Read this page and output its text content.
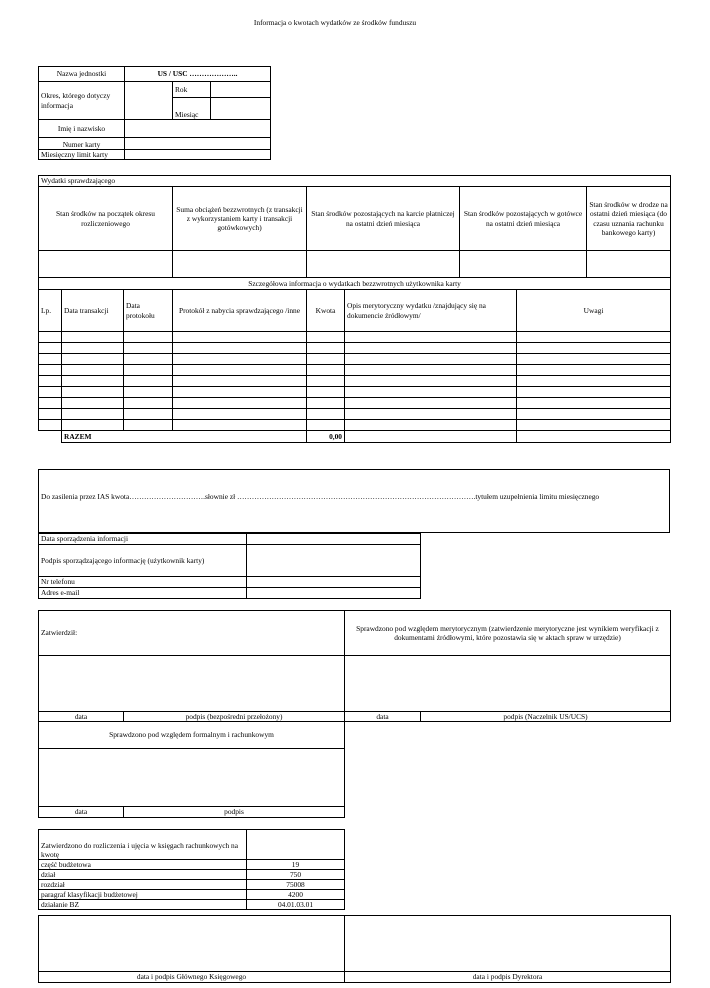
Informacja o kwotach wydatków ze środków funduszu
Nazwa jednostki	US / USC ………………..		
Okres, którego dotyczy informacja		Rok	
		Miesiąc	
Imię i nazwisko			
Numer karty			
Miesięczny limit karty			
Wydatki sprawdzającego				
Stan środków na początek okresu rozliczeniowego	Suma obciążeń bezzwrotnych (z transakcji z wykorzystaniem karty i transakcji gotówkowych)	Stan środków pozostających na karcie płatniczej na ostatni dzień miesiąca	Stan środków pozostających w gotówce na ostatni dzień miesiąca	Stan środków w drodze na ostatni dzień miesiąca (do czasu uznania rachunku bankowego karty)

Szczegółowa informacja o wydatkach bezzwrotnych użytkownika karty						
Lp.	Data transakcji	Data protokołu	Protokół z nabycia sprawdzającego /inne	Kwota	Opis merytoryczny wydatku /znajdujący się na dokumencie źródłowym/	Uwagi

	RAZEM			0,00		
Do zasilenia przez IAS kwota………………………….słownie zł …………………………………………………………………………………….tytułem uzupełnienia limitu miesięcznego
Data sporządzenia informacji	
Podpis sporządzającego informację (użytkownik karty)	
Nr telefonu	
Adres e-mail	
Zatwierdził:		Sprawdzono pod względem merytorycznym (zatwierdzenie merytoryczne jest wynikiem weryfikacji z dokumentami źródłowymi, które pozostawia się w aktach spraw w urzędzie)	

data	podpis (bezpośredni przełożony)	data	podpis (Naczelnik US/UCS)
Sprawdzono pod względem formalnym i rachunkowym

data	podpis
Zatwierdzono do rozliczenia i ujęcia w księgach rachunkowych na kwotę	
część budżetowa	19
dział	750
rozdział	75008
paragraf klasyfikacji budżetowej	4200
działanie BZ	04.01.03.01

data i podpis Głównego Księgowego	data i podpis Dyrektora
